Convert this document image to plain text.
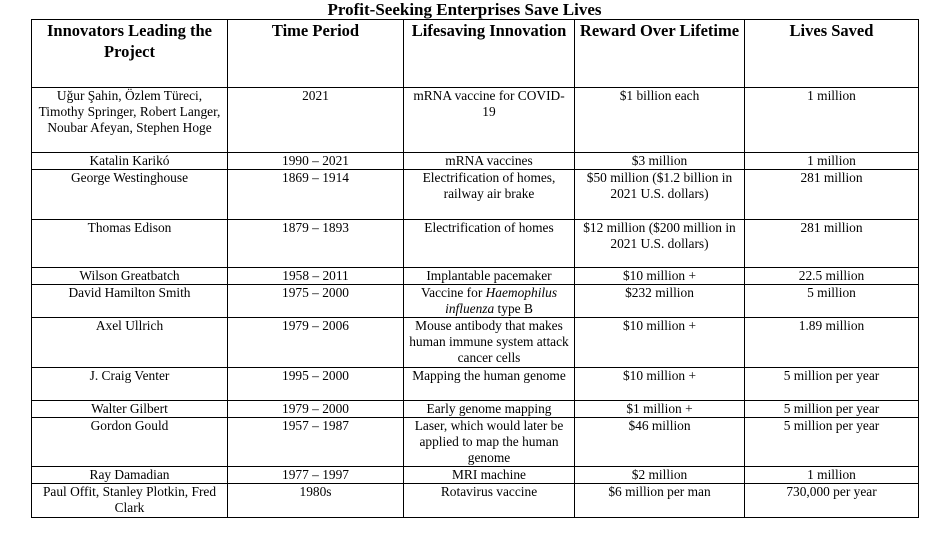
Profit-Seeking Enterprises Save Lives
Innovators Leading the Project	Time Period	Lifesaving Innovation	Reward Over Lifetime	Lives Saved
Uğur Şahin, Özlem Türeci, Timothy Springer, Robert Langer, Noubar Afeyan, Stephen Hoge	2021	mRNA vaccine for COVID-19	$1 billion each	1 million
Katalin Karikó	1990 – 2021	mRNA vaccines	$3 million	1 million
George Westinghouse	1869 – 1914	Electrification of homes, railway air brake	$50 million ($1.2 billion in 2021 U.S. dollars)	281 million
Thomas Edison	1879 – 1893	Electrification of homes	$12 million ($200 million in 2021 U.S. dollars)	281 million
Wilson Greatbatch	1958 – 2011	Implantable pacemaker	$10 million +	22.5 million
David Hamilton Smith	1975 – 2000	Vaccine for Haemophilus influenza type B	$232 million	5 million
Axel Ullrich	1979 – 2006	Mouse antibody that makes human immune system attack cancer cells	$10 million +	1.89 million
J. Craig Venter	1995 – 2000	Mapping the human genome	$10 million +	5 million per year
Walter Gilbert	1979 – 2000	Early genome mapping	$1 million +	5 million per year
Gordon Gould	1957 – 1987	Laser, which would later be applied to map the human genome	$46 million	5 million per year
Ray Damadian	1977 – 1997	MRI machine	$2 million	1 million
Paul Offit, Stanley Plotkin, Fred Clark	1980s	Rotavirus vaccine	$6 million per man	730,000 per year
